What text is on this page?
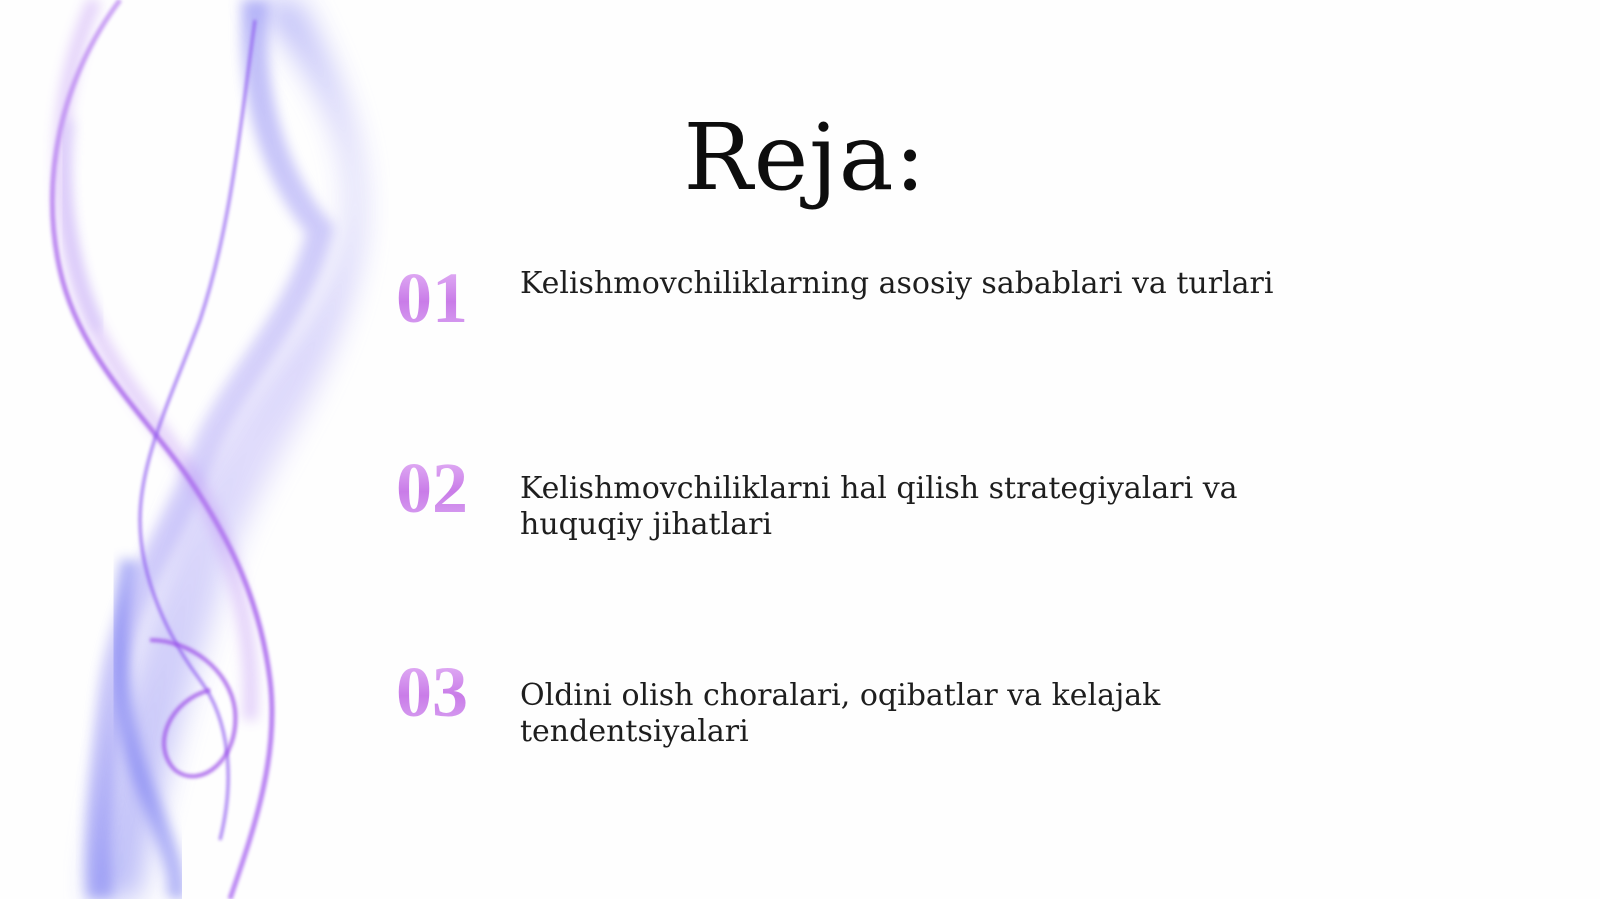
Reja:
01	Kelishmovchiliklarning asosiy sabablari va turlari
02	Kelishmovchiliklarni hal qilish strategiyalari va huquqiy jihatlari
03	Oldini olish choralari, oqibatlar va kelajak tendentsiyalari
